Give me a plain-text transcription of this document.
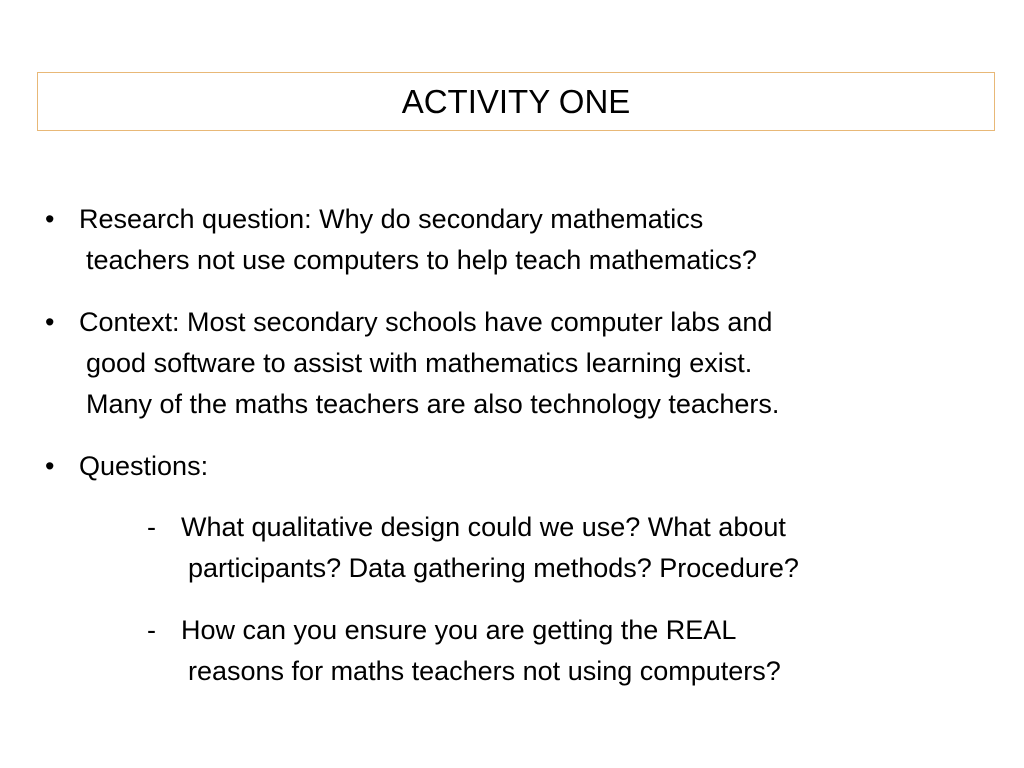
ACTIVITY ONE
• Research question: Why do secondary mathematics
teachers not use computers to help teach mathematics?
• Context: Most secondary schools have computer labs and
good software to assist with mathematics learning exist.
Many of the maths teachers are also technology teachers.
• Questions:
- What qualitative design could we use? What about
participants? Data gathering methods? Procedure?
- How can you ensure you are getting the REAL
reasons for maths teachers not using computers?
